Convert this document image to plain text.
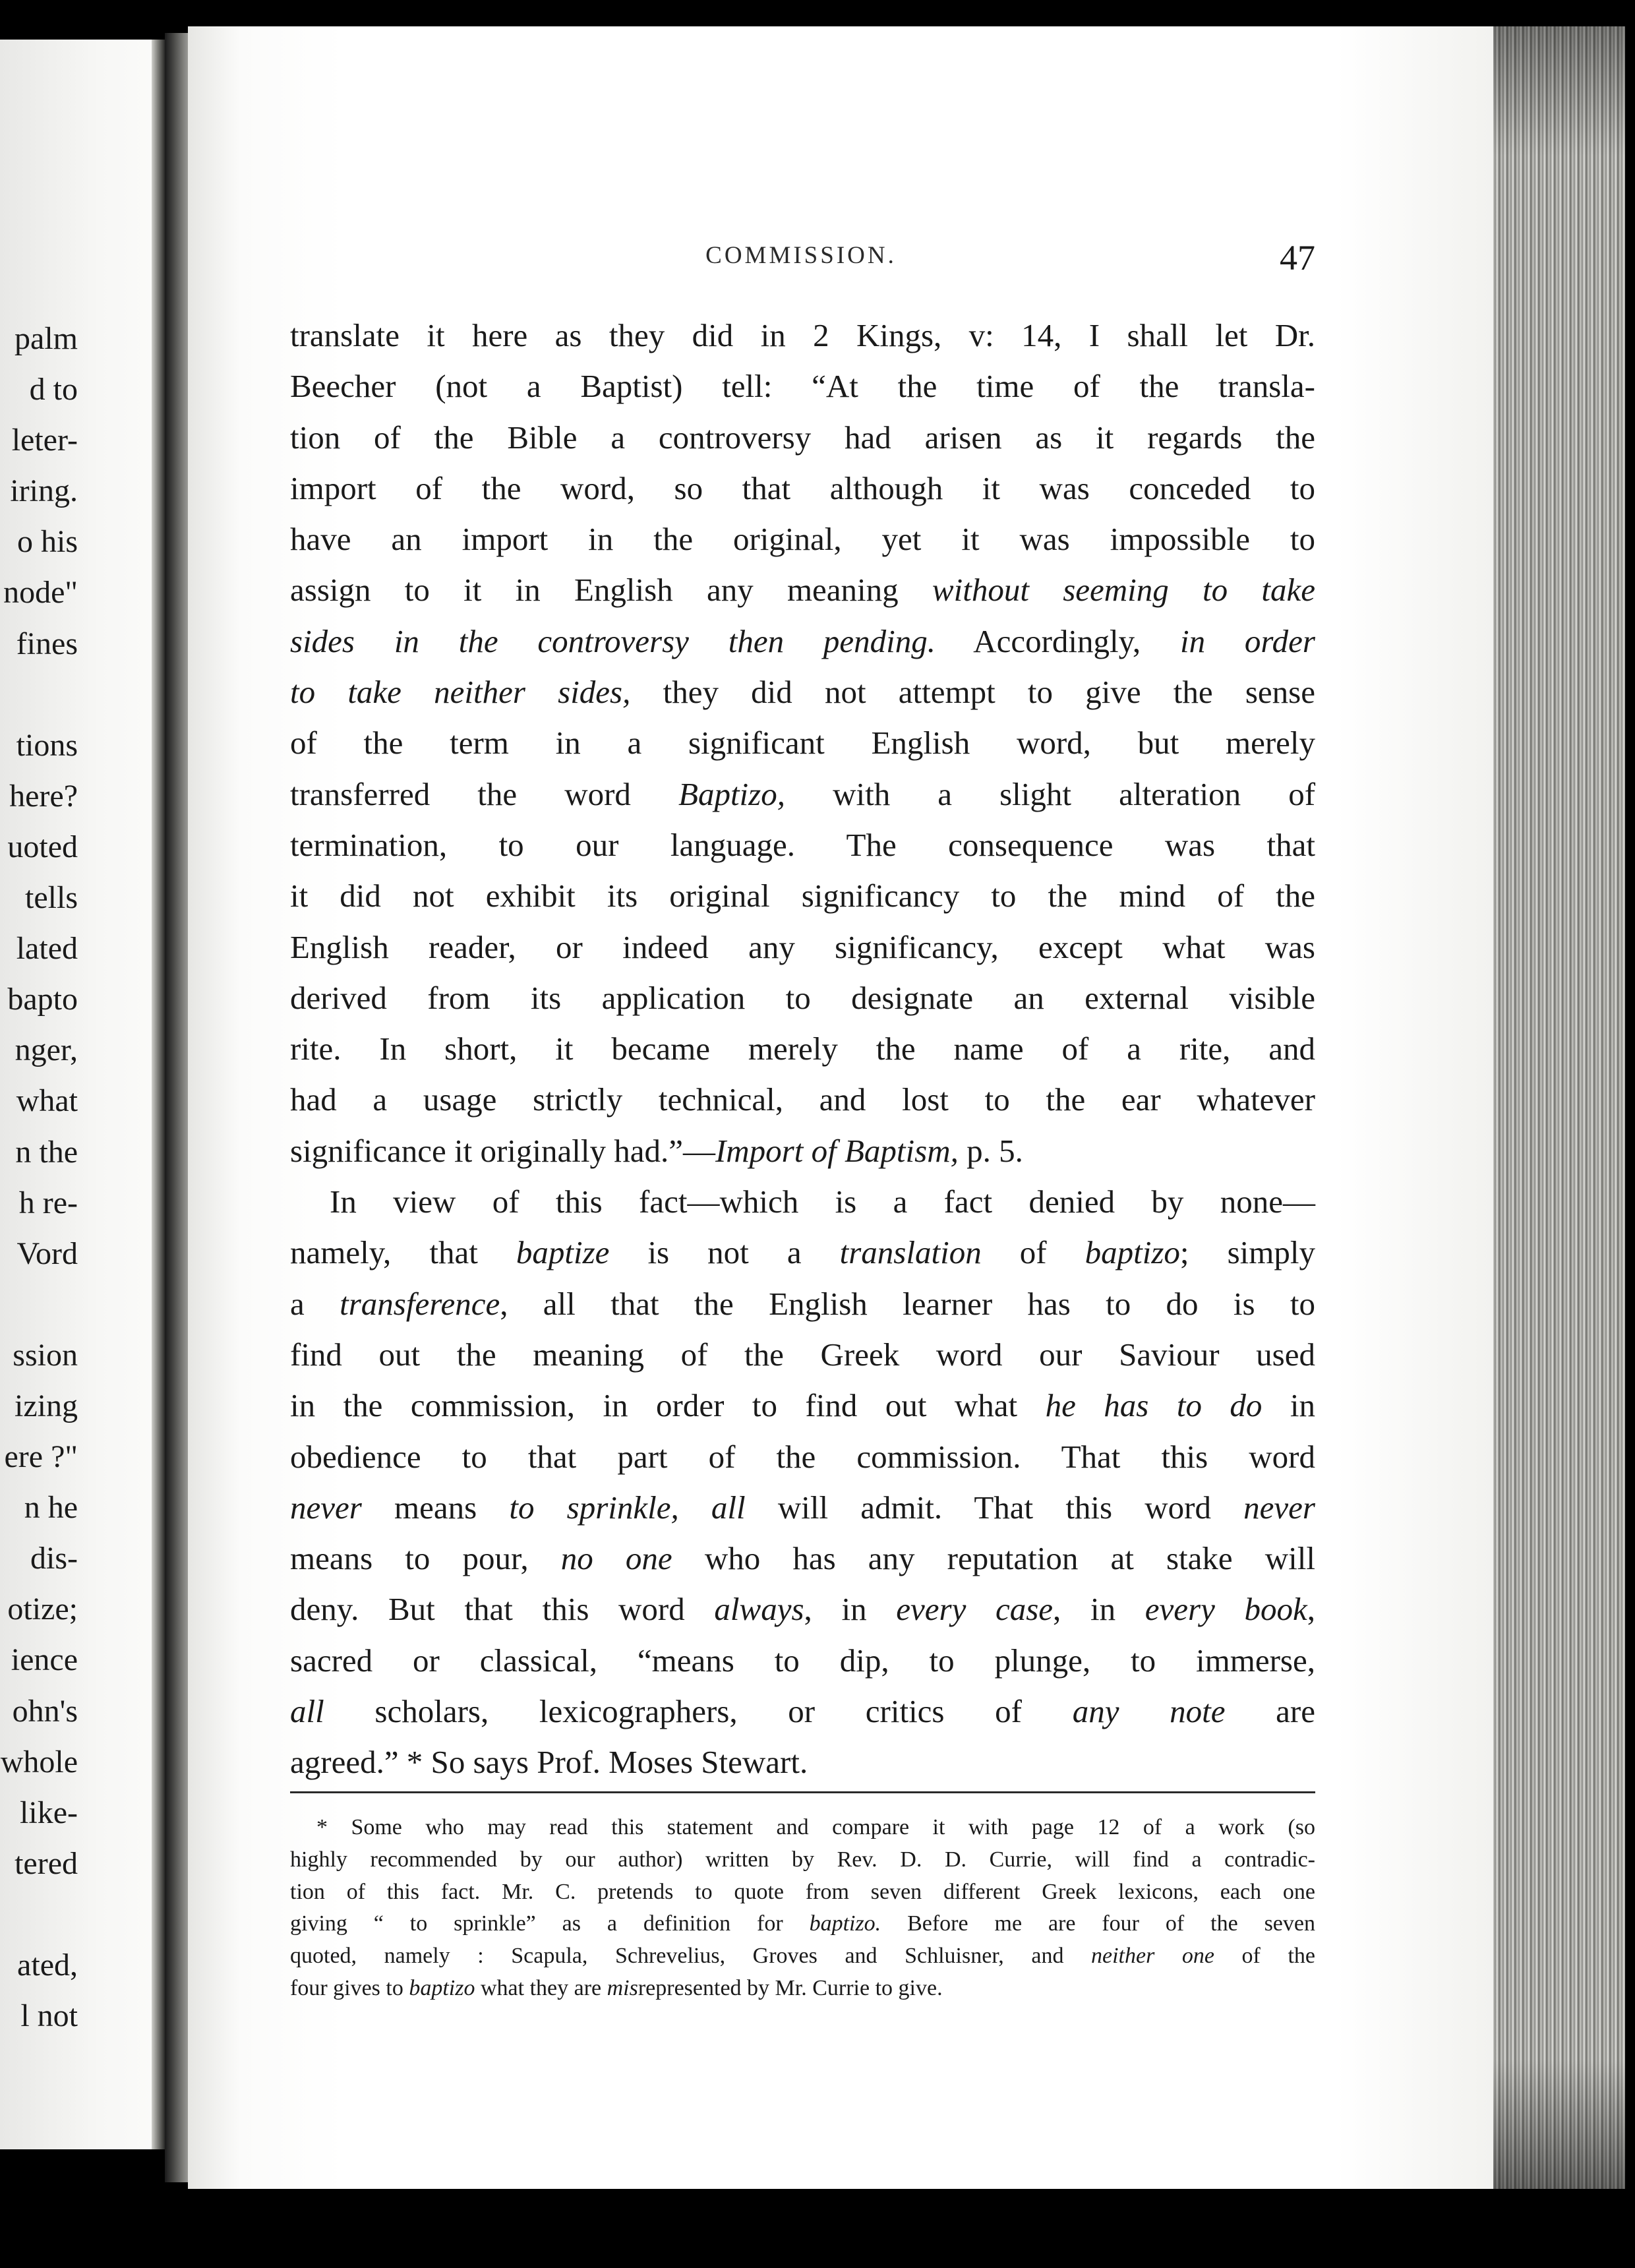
palm
d to
leter-
iring.
o his
node"
fines
tions
here?
uoted
tells
lated
bapto
nger,
what
n the
h re-
Vord
ssion
izing
ere ?"
n he
dis-
otize;
ience
ohn's
whole
like-
tered
ated,
l not
COMMISSION.	47
translate it here as they did in 2 Kings, v: 14, I shall let Dr.
Beecher (not a Baptist) tell: “At the time of the transla-
tion of the Bible a controversy had arisen as it regards the
import of the word, so that although it was conceded to
have an import in the original, yet it was impossible to
assign to it in English any meaning without seeming to take
sides in the controversy then pending. Accordingly, in order
to take neither sides, they did not attempt to give the sense
of the term in a significant English word, but merely
transferred the word Baptizo, with a slight alteration of
termination, to our language. The consequence was that
it did not exhibit its original significancy to the mind of the
English reader, or indeed any significancy, except what was
derived from its application to designate an external visible
rite. In short, it became merely the name of a rite, and
had a usage strictly technical, and lost to the ear whatever
significance it originally had.”—Import of Baptism, p. 5.
In view of this fact—which is a fact denied by none—
namely, that baptize is not a translation of baptizo; simply
a transference, all that the English learner has to do is to
find out the meaning of the Greek word our Saviour used
in the commission, in order to find out what he has to do in
obedience to that part of the commission. That this word
never means to sprinkle, all will admit. That this word never
means to pour, no one who has any reputation at stake will
deny. But that this word always, in every case, in every book,
sacred or classical, “means to dip, to plunge, to immerse,
all scholars, lexicographers, or critics of any note are
agreed.” * So says Prof. Moses Stewart.
* Some who may read this statement and compare it with page 12 of a work (so
highly recommended by our author) written by Rev. D. D. Currie, will find a contradic-
tion of this fact. Mr. C. pretends to quote from seven different Greek lexicons, each one
giving “ to sprinkle” as a definition for baptizo. Before me are four of the seven
quoted, namely : Scapula, Schrevelius, Groves and Schluisner, and neither one of the
four gives to baptizo what they are misrepresented by Mr. Currie to give.
